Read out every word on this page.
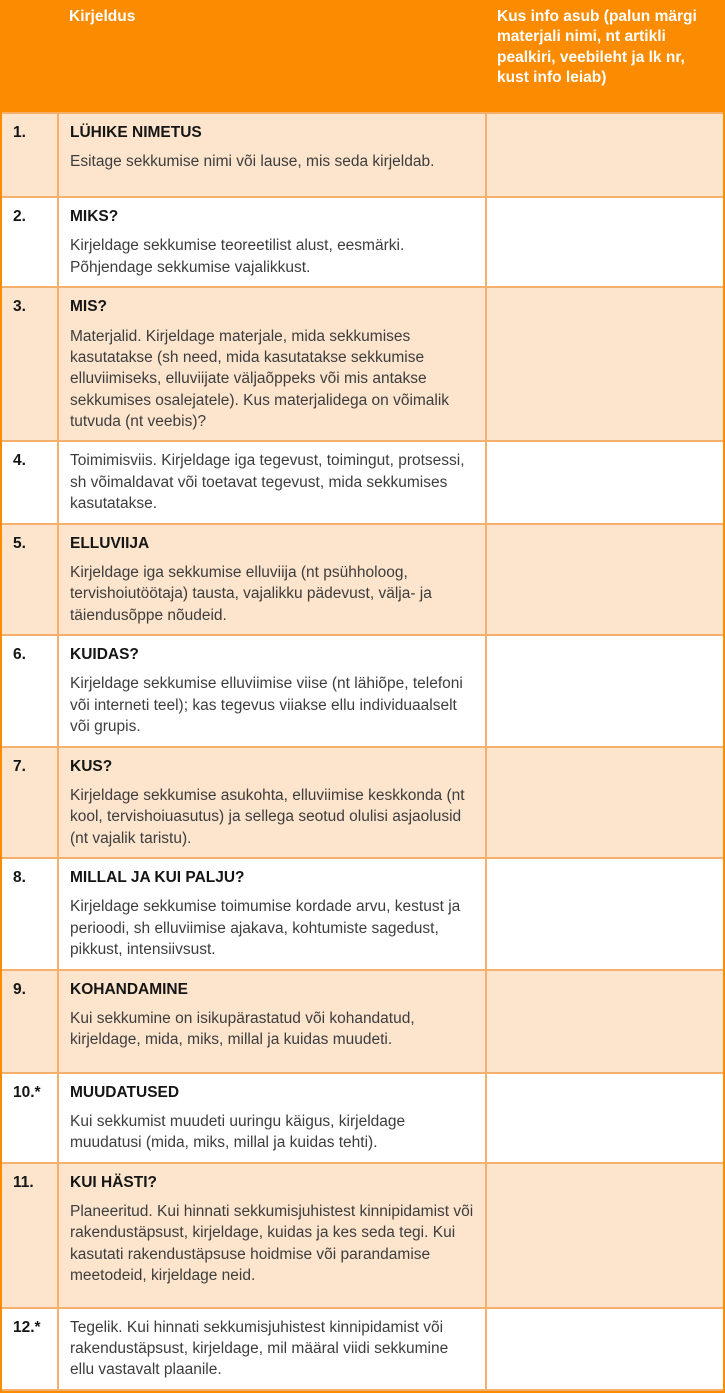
	Kirjeldus	Kus info asub (palun märgi materjali nimi, nt artikli pealkiri, veebileht ja lk nr, kust info leiab)
1.	LÜHIKE NIMETUS
Esitage sekkumise nimi või lause, mis seda kirjeldab.	

2.	MIKS?
Kirjeldage sekkumise teoreetilist alust, eesmärki. Põhjendage sekkumise vajalikkust.	

3.	MIS?
Materjalid. Kirjeldage materjale, mida sekkumises kasutatakse (sh need, mida kasutatakse sekkumise elluviimiseks, elluviijate väljaõppeks või mis antakse sekkumises osalejatele). Kus materjalidega on võimalik tutvuda (nt veebis)?	

4.	Toimimisviis. Kirjeldage iga tegevust, toimingut, protsessi, sh võimaldavat või toetavat tegevust, mida sekkumises kasutatakse.	

5.	ELLUVIIJA
Kirjeldage iga sekkumise elluviija (nt psühholoog, tervishoiutöötaja) tausta, vajalikku pädevust, välja- ja täiendusõppe nõudeid.	

6.	KUIDAS?
Kirjeldage sekkumise elluviimise viise (nt lähiõpe, telefoni või interneti teel); kas tegevus viiakse ellu individuaalselt või grupis.	

7.	KUS?
Kirjeldage sekkumise asukohta, elluviimise keskkonda (nt kool, tervishoiuasutus) ja sellega seotud olulisi asjaolusid (nt vajalik taristu).	

8.	MILLAL JA KUI PALJU?
Kirjeldage sekkumise toimumise kordade arvu, kestust ja perioodi, sh elluviimise ajakava, kohtumiste sagedust, pikkust, intensiivsust.	

9.	KOHANDAMINE
Kui sekkumine on isikupärastatud või kohandatud, kirjeldage, mida, miks, millal ja kuidas muudeti.	

10.*	MUUDATUSED
Kui sekkumist muudeti uuringu käigus, kirjeldage muudatusi (mida, miks, millal ja kuidas tehti).	

11.	KUI HÄSTI?
Planeeritud. Kui hinnati sekkumisjuhistest kinnipidamist või rakendustäpsust, kirjeldage, kuidas ja kes seda tegi. Kui kasutati rakendustäpsuse hoidmise või parandamise meetodeid, kirjeldage neid.	

12.*	Tegelik. Kui hinnati sekkumisjuhistest kinnipidamist või rakendustäpsust, kirjeldage, mil määral viidi sekkumine ellu vastavalt plaanile.	
